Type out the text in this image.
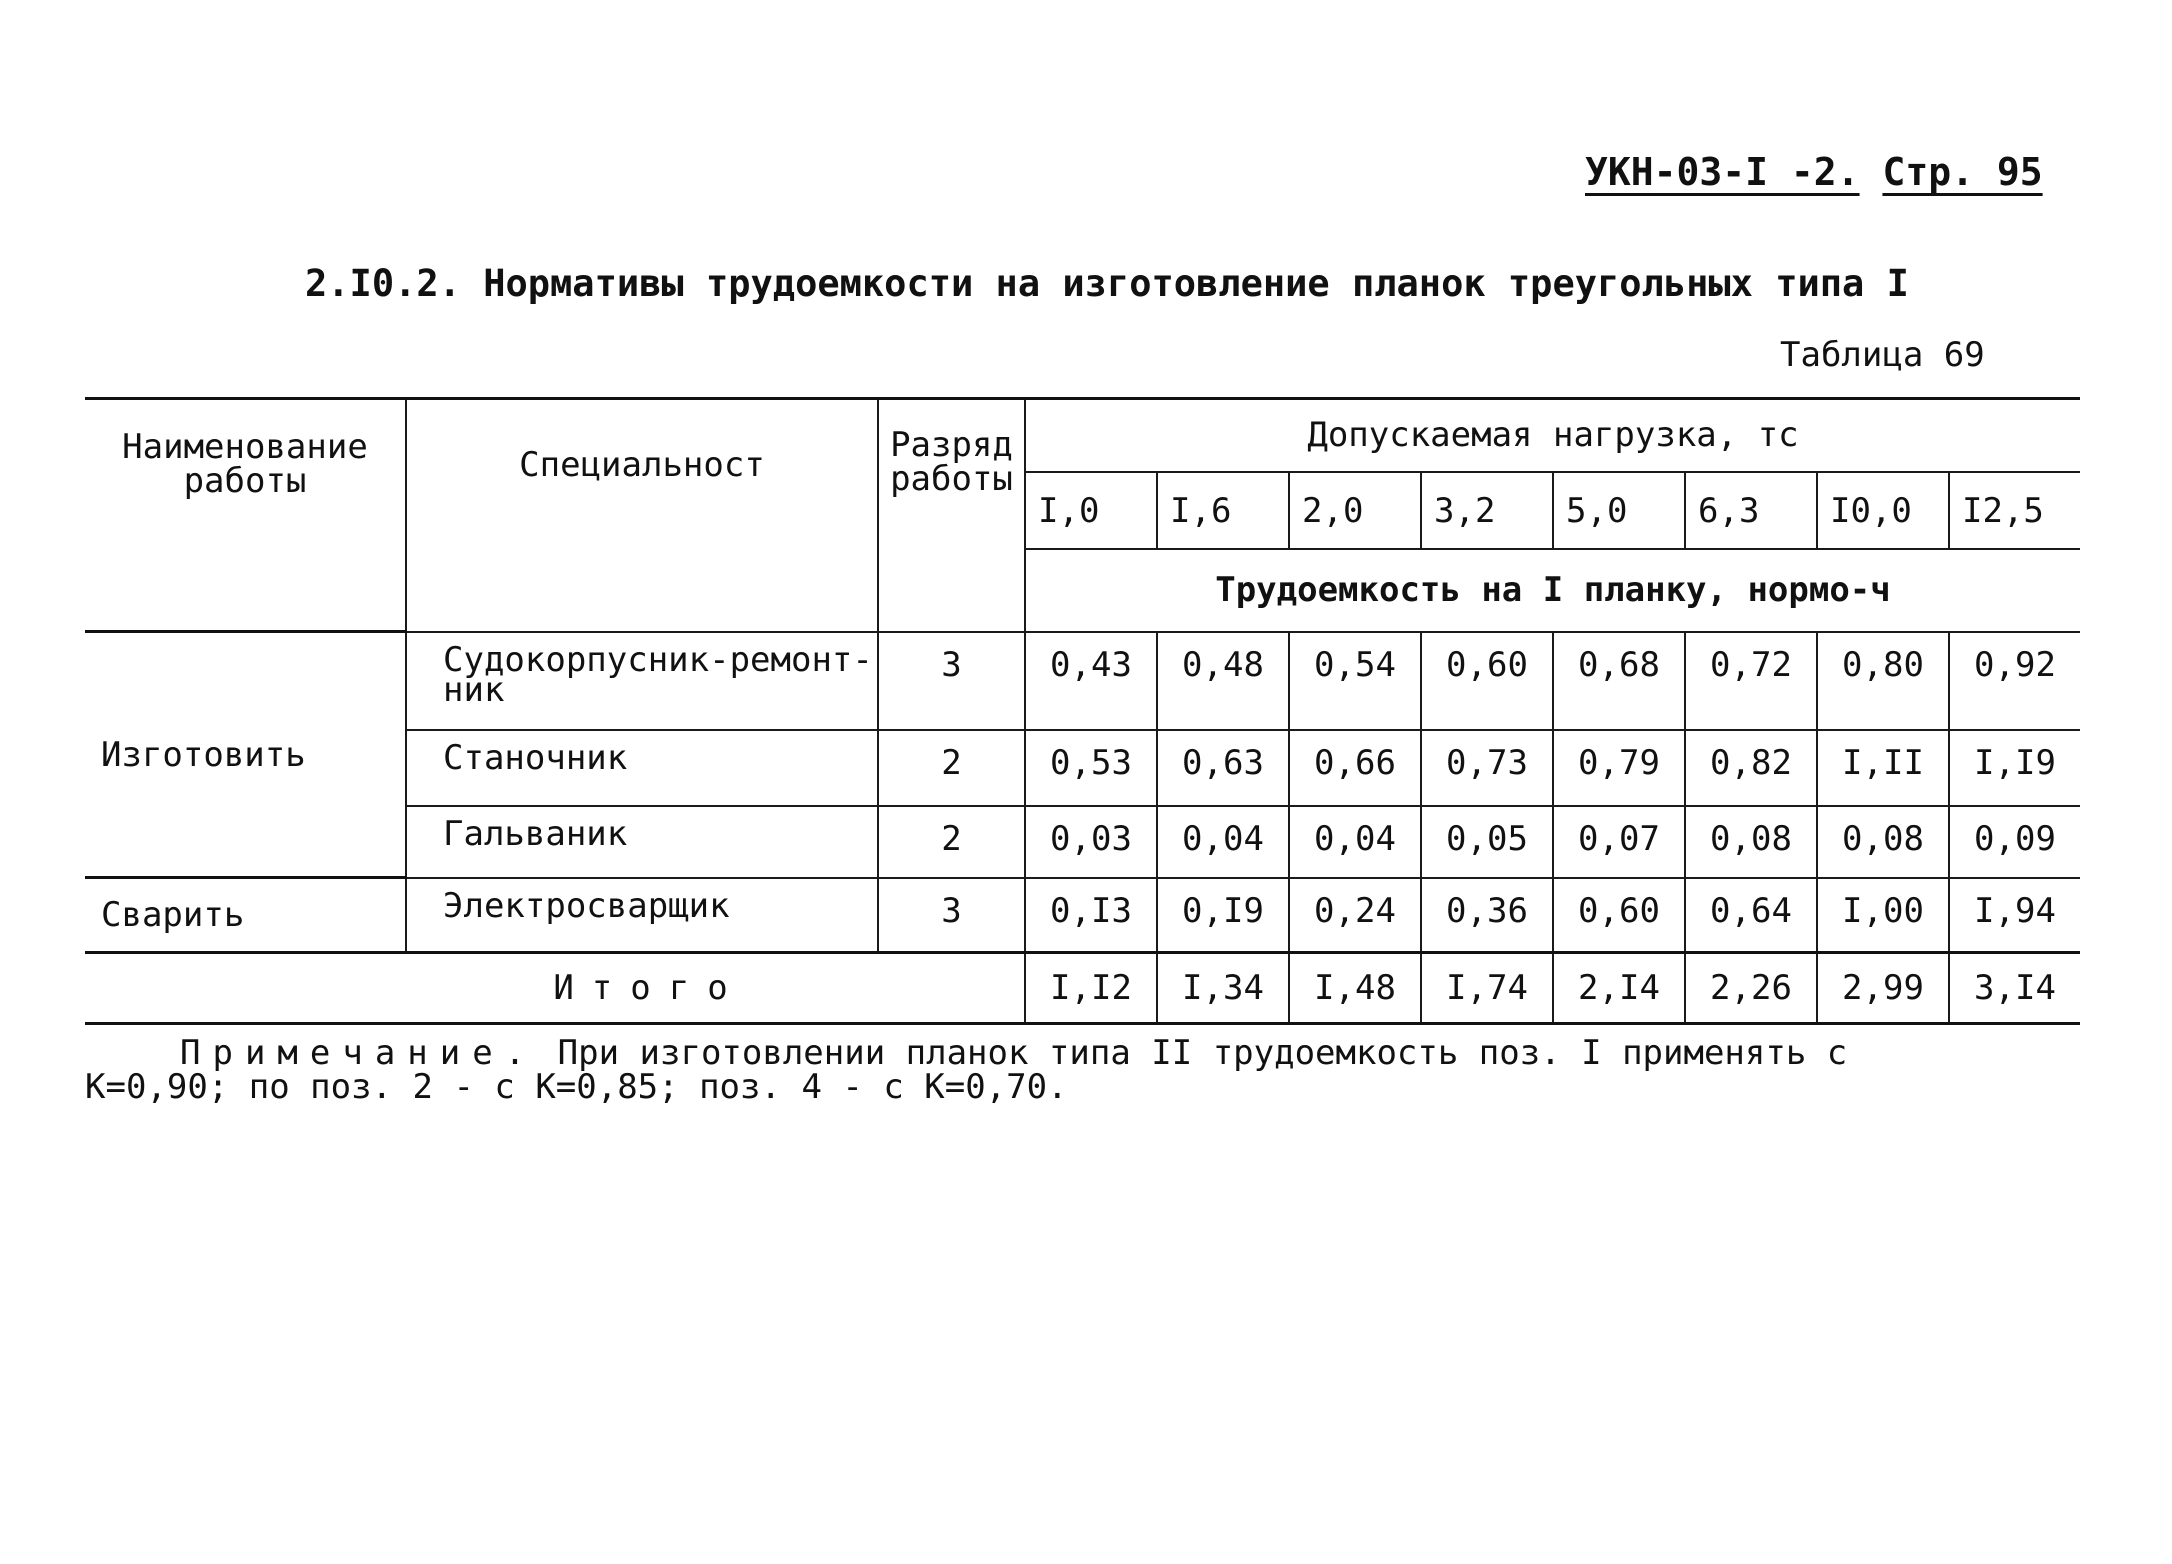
УКН-03-I -2. Стр. 95
2.I0.2. Нормативы трудоемкости на изготовление планок треугольных типа I
Таблица 69
Наименование работы	Специальност	Разряд работы	Допускаемая нагрузка, тс							
			I,0	I,6	2,0	3,2	5,0	6,3	I0,0	I2,5
			Трудоемкость на I планку, нормо-ч							
Изготовить	Судокорпусник-ремонт-ник	3	0,43	0,48	0,54	0,60	0,68	0,72	0,80	0,92
	Станочник	2	0,53	0,63	0,66	0,73	0,79	0,82	I,II	I,I9
	Гальваник	2	0,03	0,04	0,04	0,05	0,07	0,08	0,08	0,09
Сварить	Электросварщик	3	0,I3	0,I9	0,24	0,36	0,60	0,64	I,00	I,94
Итого			I,I2	I,34	I,48	I,74	2,I4	2,26	2,99	3,I4
Примечание. При изготовлении планок типа II трудоемкость поз. I применять с
К=0,90; по поз. 2 - с К=0,85; поз. 4 - с К=0,70.
